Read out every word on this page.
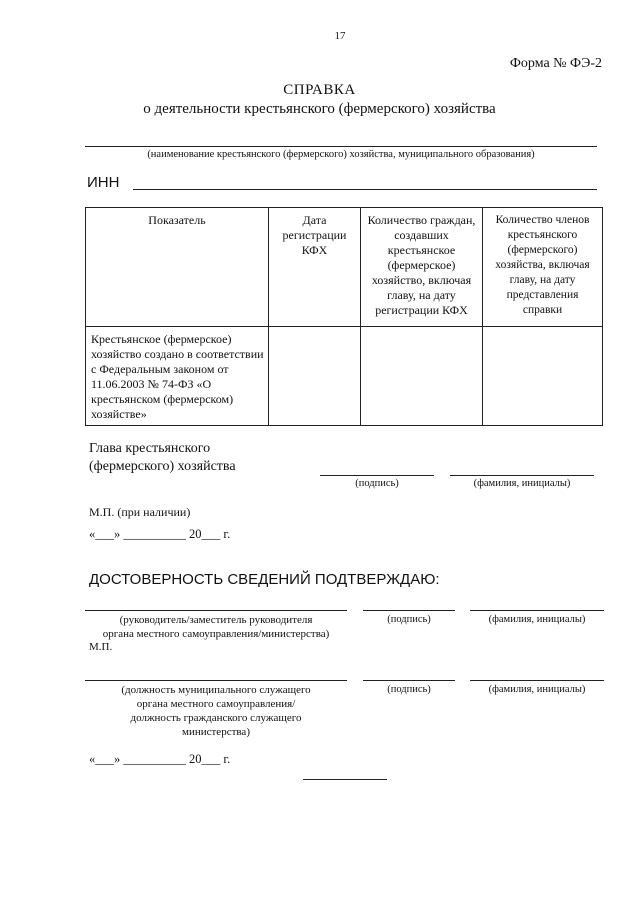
17
Форма № ФЭ-2
СПРАВКА
о деятельности крестьянского (фермерского) хозяйства
(наименование крестьянского (фермерского) хозяйства, муниципального образования)
ИНН
Показатель	Дата регистрации КФХ	Количество граждан, создавших крестьянское (фермерское) хозяйство, включая главу, на дату регистрации КФХ	Количество членов крестьянского (фермерского) хозяйства, включая главу, на дату представления справки
Крестьянское (фермерское) хозяйство создано в соответствии с Федеральным законом от 11.06.2003 № 74-ФЗ «О крестьянском (фермерском) хозяйстве»			
Глава крестьянского
(фермерского) хозяйства
(подпись)	(фамилия, инициалы)
М.П. (при наличии)
«___» __________ 20___ г.
ДОСТОВЕРНОСТЬ СВЕДЕНИЙ ПОДТВЕРЖДАЮ:
(руководитель/заместитель руководителя
органа местного самоуправления/министерства)
(подпись)	(фамилия, инициалы)
М.П.
(должность муниципального служащего
органа местного самоуправления/
должность гражданского служащего
министерства)
(подпись)	(фамилия, инициалы)
«___» __________ 20___ г.
